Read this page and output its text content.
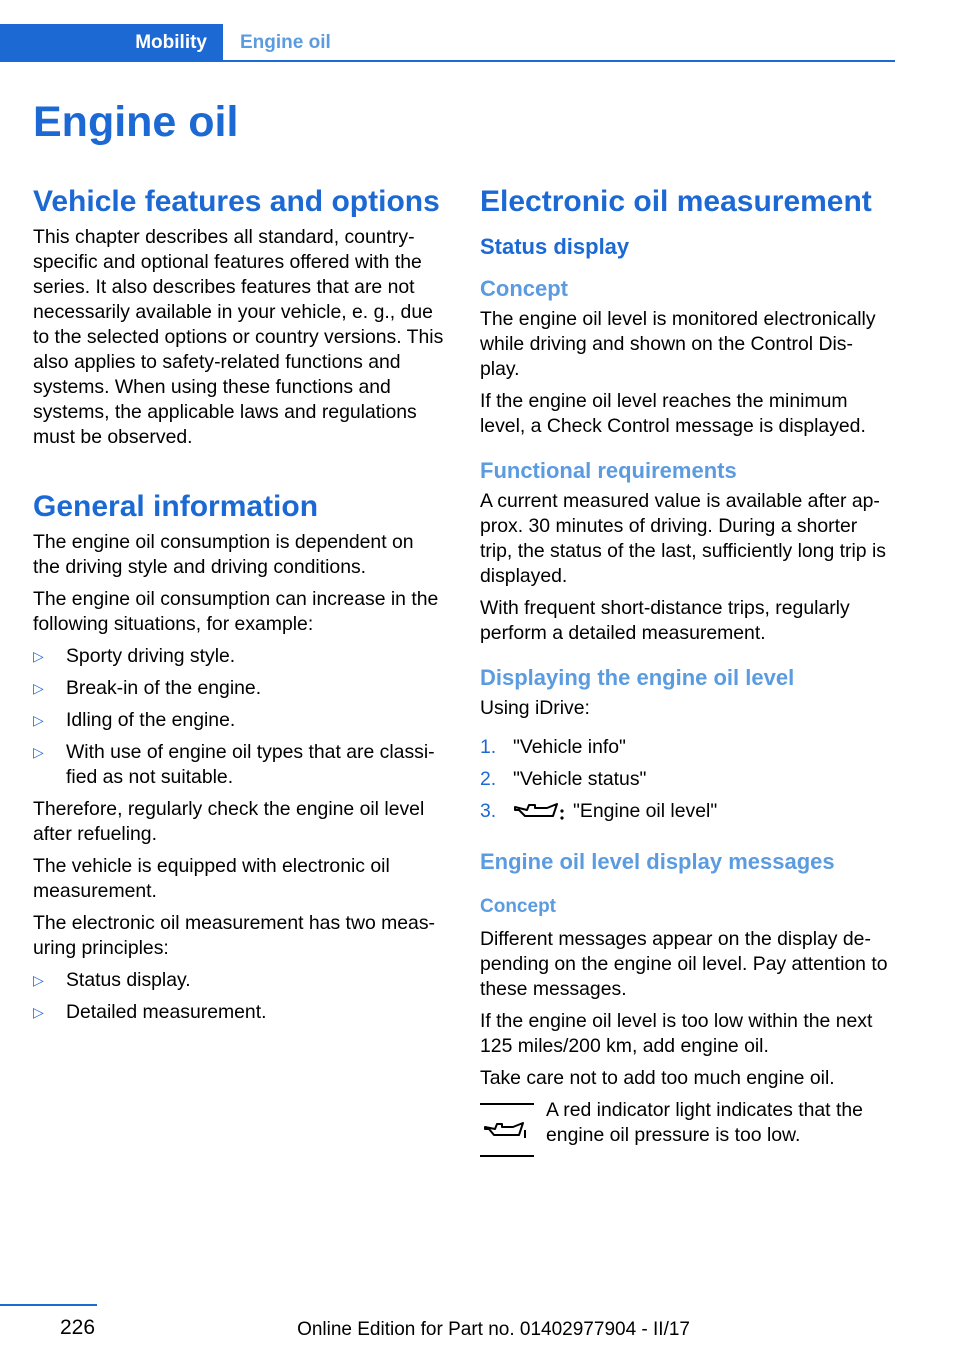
Mobility	Engine oil
Engine oil
Vehicle features and options

This chapter describes all standard, country-specific and optional features offered with the series. It also describes features that are not necessarily available in your vehicle, e. g., due to the selected options or country versions. This also applies to safety-related functions and systems. When using these functions and systems, the applicable laws and regulations must be observed.

General information

The engine oil consumption is dependent on the driving style and driving conditions.

The engine oil consumption can increase in the following situations, for example:

▷ Sporty driving style.
▷ Break-in of the engine.
▷ Idling of the engine.
▷ With use of engine oil types that are classi-fied as not suitable.

Therefore, regularly check the engine oil level after refueling.

The vehicle is equipped with electronic oil measurement.

The electronic oil measurement has two meas-uring principles:

▷ Status display.
▷ Detailed measurement.
Electronic oil measurement
Status display
Concept

The engine oil level is monitored electronically while driving and shown on the Control Dis-play.

If the engine oil level reaches the minimum level, a Check Control message is displayed.

Functional requirements

A current measured value is available after ap-prox. 30 minutes of driving. During a shorter trip, the status of the last, sufficiently long trip is displayed.

With frequent short-distance trips, regularly perform a detailed measurement.

Displaying the engine oil level

Using iDrive:

1. "Vehicle info"
2. "Vehicle status"
3.	"Engine oil level"
Engine oil level display messages
Concept

Different messages appear on the display de-pending on the engine oil level. Pay attention to these messages.

If the engine oil level is too low within the next 125 miles/200 km, add engine oil.

Take care not to add too much engine oil.

A red indicator light indicates that the engine oil pressure is too low.
226	Online Edition for Part no. 01402977904 - II/17
